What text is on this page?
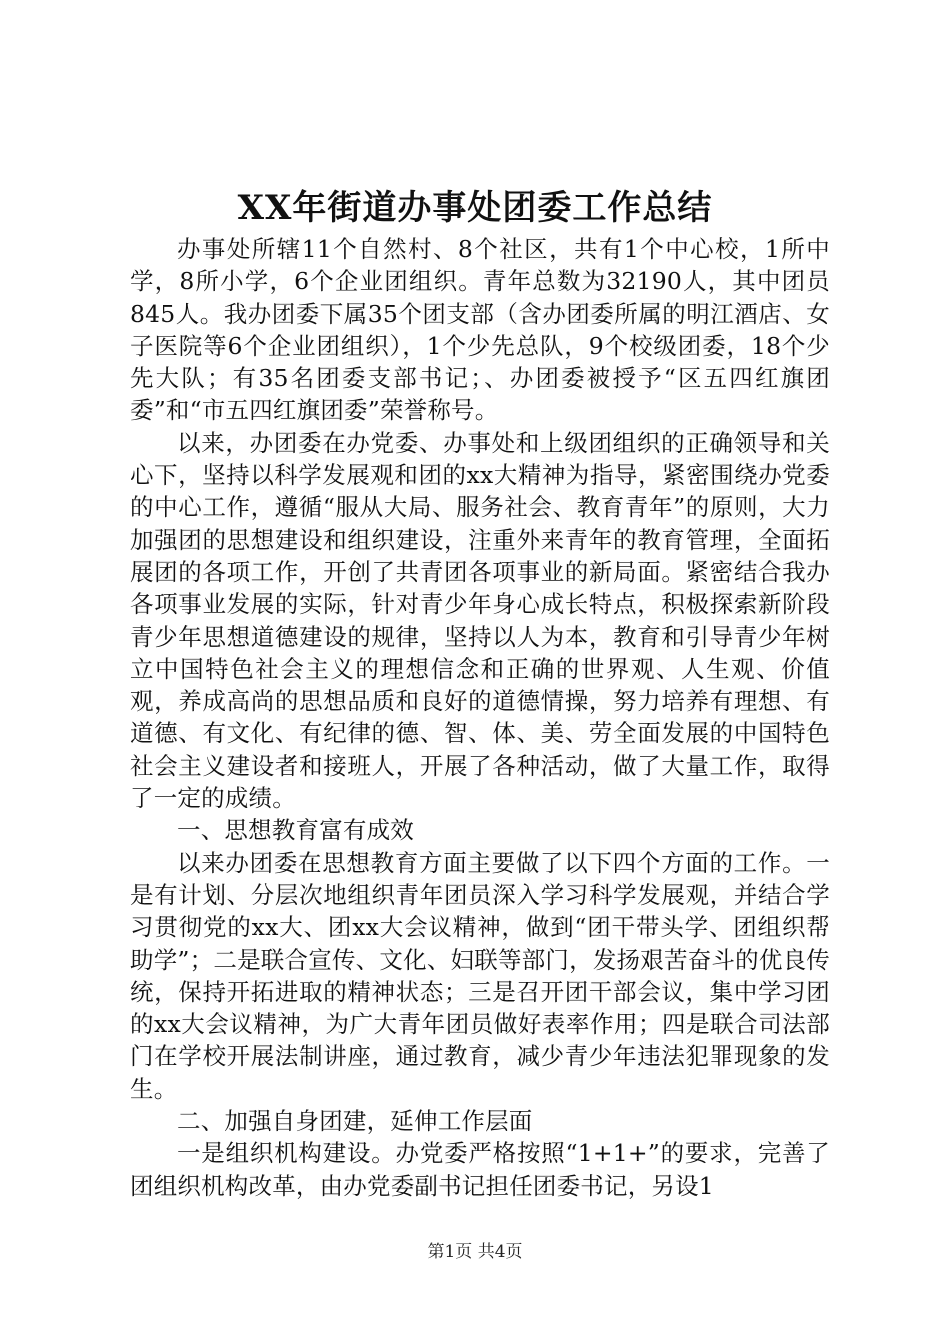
XX年街道办事处团委工作总结

办事处所辖11个自然村、8个社区，共有1个中心校，1所中学，8所小学，6个企业团组织。青年总数为32190人，其中团员845人。我办团委下属35个团支部（含办团委所属的明江酒店、女子医院等6个企业团组织），1个少先总队，9个校级团委，18个少先大队；有35名团委支部书记；、办团委被授予“区五四红旗团委”和“市五四红旗团委”荣誉称号。

以来，办团委在办党委、办事处和上级团组织的正确领导和关心下，坚持以科学发展观和团的xx大精神为指导，紧密围绕办党委的中心工作，遵循“服从大局、服务社会、教育青年”的原则，大力加强团的思想建设和组织建设，注重外来青年的教育管理，全面拓展团的各项工作，开创了共青团各项事业的新局面。紧密结合我办各项事业发展的实际，针对青少年身心成长特点，积极探索新阶段青少年思想道德建设的规律，坚持以人为本，教育和引导青少年树立中国特色社会主义的理想信念和正确的世界观、人生观、价值观，养成高尚的思想品质和良好的道德情操，努力培养有理想、有道德、有文化、有纪律的德、智、体、美、劳全面发展的中国特色社会主义建设者和接班人，开展了各种活动，做了大量工作，取得了一定的成绩。

一、思想教育富有成效

以来办团委在思想教育方面主要做了以下四个方面的工作。一是有计划、分层次地组织青年团员深入学习科学发展观，并结合学习贯彻党的xx大、团xx大会议精神，做到“团干带头学、团组织帮助学”；二是联合宣传、文化、妇联等部门，发扬艰苦奋斗的优良传统，保持开拓进取的精神状态；三是召开团干部会议，集中学习团的xx大会议精神，为广大青年团员做好表率作用；四是联合司法部门在学校开展法制讲座，通过教育，减少青少年违法犯罪现象的发生。

二、加强自身团建，延伸工作层面

一是组织机构建设。办党委严格按照“1+1+”的要求，完善了团组织机构改革，由办党委副书记担任团委书记，另设1

第1页 共4页
